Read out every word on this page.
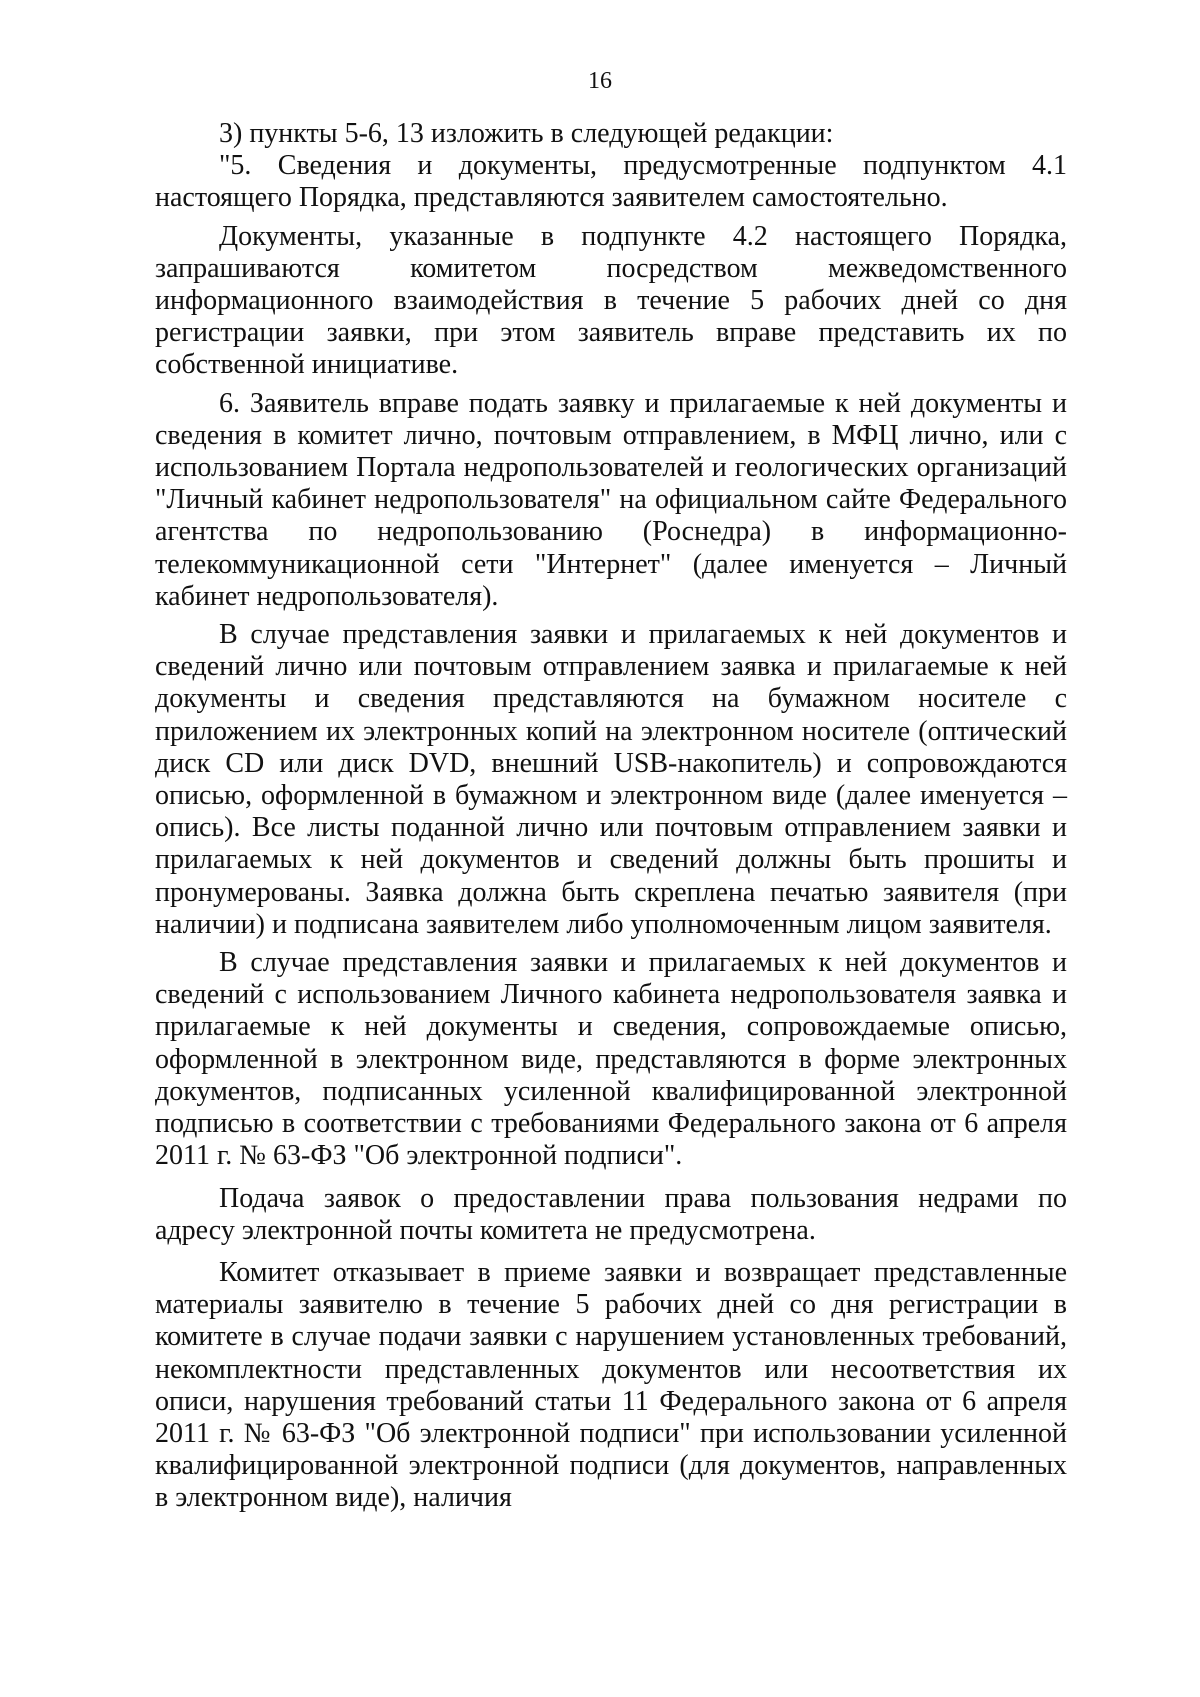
16

3) пункты 5-6, 13 изложить в следующей редакции:

"5. Сведения и документы, предусмотренные подпунктом 4.1 настоящего Порядка, представляются заявителем самостоятельно.

Документы, указанные в подпункте 4.2 настоящего Порядка, запрашиваются комитетом посредством межведомственного информационного взаимодействия в течение 5 рабочих дней со дня регистрации заявки, при этом заявитель вправе представить их по собственной инициативе.

6. Заявитель вправе подать заявку и прилагаемые к ней документы и сведения в комитет лично, почтовым отправлением, в МФЦ лично, или с использованием Портала недропользователей и геологических организаций "Личный кабинет недропользователя" на официальном сайте Федерального агентства по недропользованию (Роснедра) в информационно-телекоммуникационной сети "Интернет" (далее именуется – Личный кабинет недропользователя).

В случае представления заявки и прилагаемых к ней документов и сведений лично или почтовым отправлением заявка и прилагаемые к ней документы и сведения представляются на бумажном носителе с приложением их электронных копий на электронном носителе (оптический диск CD или диск DVD, внешний USB-накопитель) и сопровождаются описью, оформленной в бумажном и электронном виде (далее именуется – опись). Все листы поданной лично или почтовым отправлением заявки и прилагаемых к ней документов и сведений должны быть прошиты и пронумерованы. Заявка должна быть скреплена печатью заявителя (при наличии) и подписана заявителем либо уполномоченным лицом заявителя.

В случае представления заявки и прилагаемых к ней документов и сведений с использованием Личного кабинета недропользователя заявка и прилагаемые к ней документы и сведения, сопровождаемые описью, оформленной в электронном виде, представляются в форме электронных документов, подписанных усиленной квалифицированной электронной подписью в соответствии с требованиями Федерального закона от 6 апреля 2011 г. № 63-ФЗ "Об электронной подписи".

Подача заявок о предоставлении права пользования недрами по адресу электронной почты комитета не предусмотрена.

Комитет отказывает в приеме заявки и возвращает представленные материалы заявителю в течение 5 рабочих дней со дня регистрации в комитете в случае подачи заявки с нарушением установленных требований, некомплектности представленных документов или несоответствия их описи, нарушения требований статьи 11 Федерального закона от 6 апреля 2011 г. № 63-ФЗ "Об электронной подписи" при использовании усиленной квалифицированной электронной подписи (для документов, направленных в электронном виде), наличия
